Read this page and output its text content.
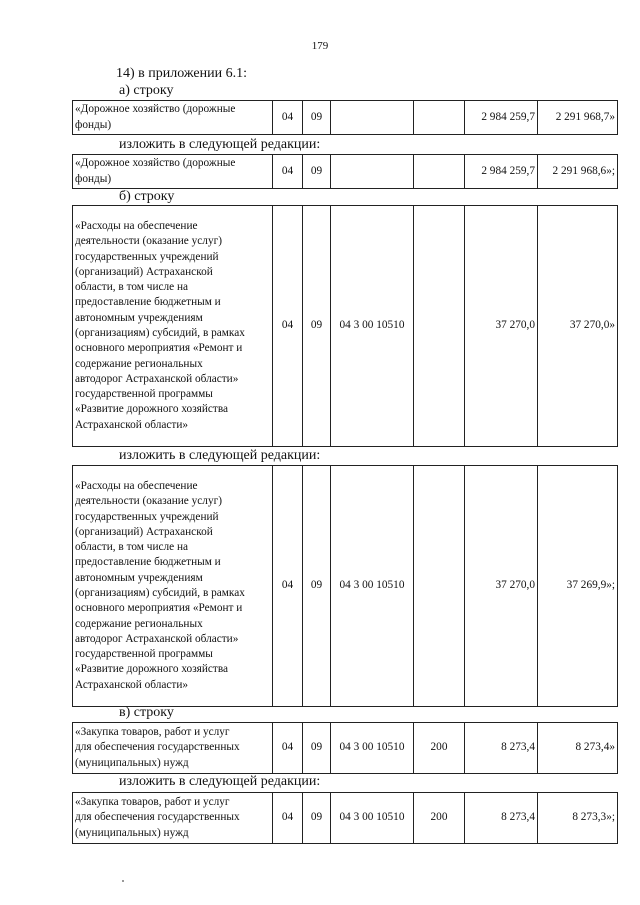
179
14) в приложении 6.1:
а) строку
«Дорожное хозяйство (дорожные
фонды)
	04	09			2 984 259,7	2 291 968,7»
изложить в следующей редакции:
«Дорожное хозяйство (дорожные
фонды)
	04	09			2 984 259,7	2 291 968,6»;
б) строку
«Расходы на обеспечение
деятельности (оказание услуг)
государственных учреждений
(организаций) Астраханской
области, в том числе на
предоставление бюджетным и
автономным учреждениям
(организациям) субсидий, в рамках
основного мероприятия «Ремонт и
содержание региональных
автодорог Астраханской области»
государственной программы
«Развитие дорожного хозяйства
Астраханской области»
	04	09	04 3 00 10510		37 270,0	37 270,0»
изложить в следующей редакции:
«Расходы на обеспечение
деятельности (оказание услуг)
государственных учреждений
(организаций) Астраханской
области, в том числе на
предоставление бюджетным и
автономным учреждениям
(организациям) субсидий, в рамках
основного мероприятия «Ремонт и
содержание региональных
автодорог Астраханской области»
государственной программы
«Развитие дорожного хозяйства
Астраханской области»
	04	09	04 3 00 10510		37 270,0	37 269,9»;
в) строку
«Закупка товаров, работ и услуг
для обеспечения государственных
(муниципальных) нужд
	04	09	04 3 00 10510	200	8 273,4	8 273,4»
изложить в следующей редакции:
«Закупка товаров, работ и услуг
для обеспечения государственных
(муниципальных) нужд
	04	09	04 3 00 10510	200	8 273,4	8 273,3»;
